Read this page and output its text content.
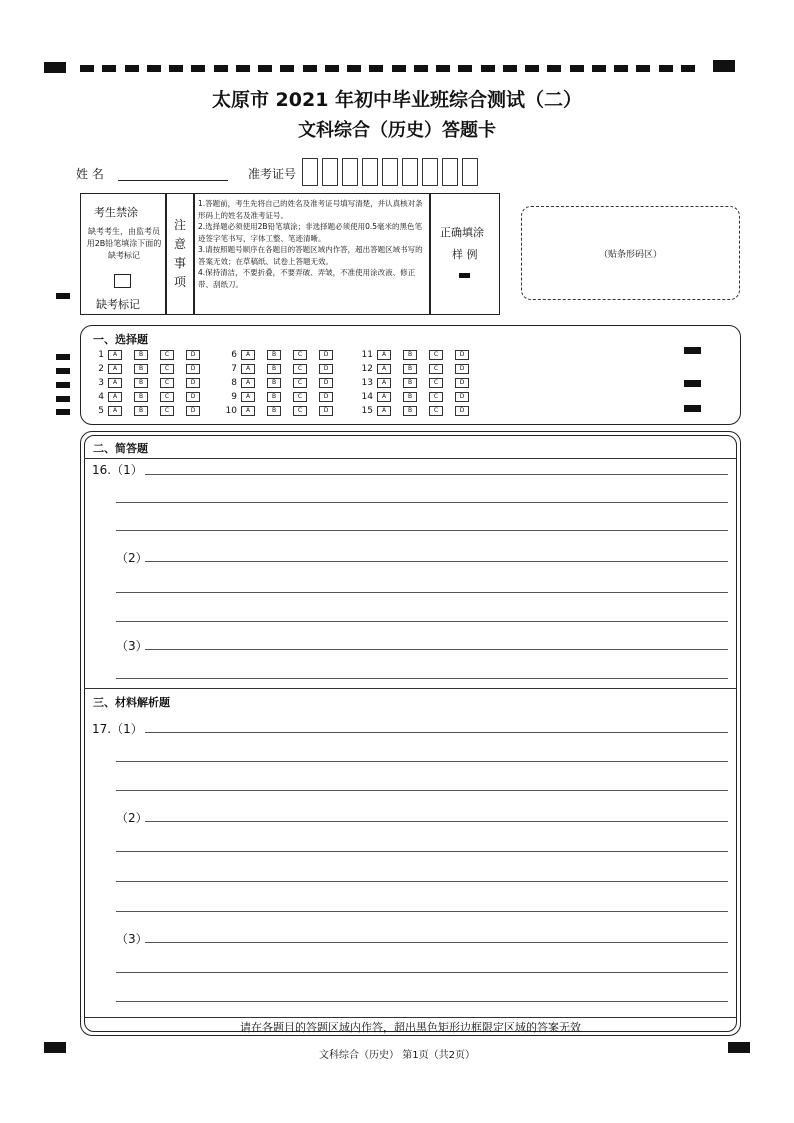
太原市 2021 年初中毕业班综合测试（二）
文科综合（历史）答题卡
姓 名	准考证号
考生禁涂
缺考考生，由监考员用2B铅笔填涂下面的缺考标记
缺考标记
注
意
事
项
1.答题前，考生先将自己的姓名及准考证号填写清楚，并认真核对条形码上的姓名及准考证号。
2.选择题必须使用2B铅笔填涂；非选择题必须使用0.5毫米的黑色笔迹签字笔书写，字体工整、笔迹清晰。
3.请按照题号顺序在各题目的答题区域内作答，超出答题区域书写的答案无效；在草稿纸、试卷上答题无效。
4.保持清洁，不要折叠，不要弄破、弄皱，不准使用涂改液、修正带、刮纸刀。
正确填涂
样 例	（贴条形码区）
一、选择题
1	A	B	C	D
2	A	B	C	D
3	A	B	C	D
4	A	B	C	D
5	A	B	C	D
6	A	B	C	D
7	A	B	C	D
8	A	B	C	D
9	A	B	C	D
10	A	B	C	D
11	A	B	C	D
12	A	B	C	D
13	A	B	C	D
14	A	B	C	D
15	A	B	C	D
二、简答题
16.（1）
（2）
（3）
三、材料解析题
17.（1）
（2）
（3）
请在各题目的答题区域内作答，超出黑色矩形边框限定区域的答案无效
文科综合（历史） 第1页（共2页）
